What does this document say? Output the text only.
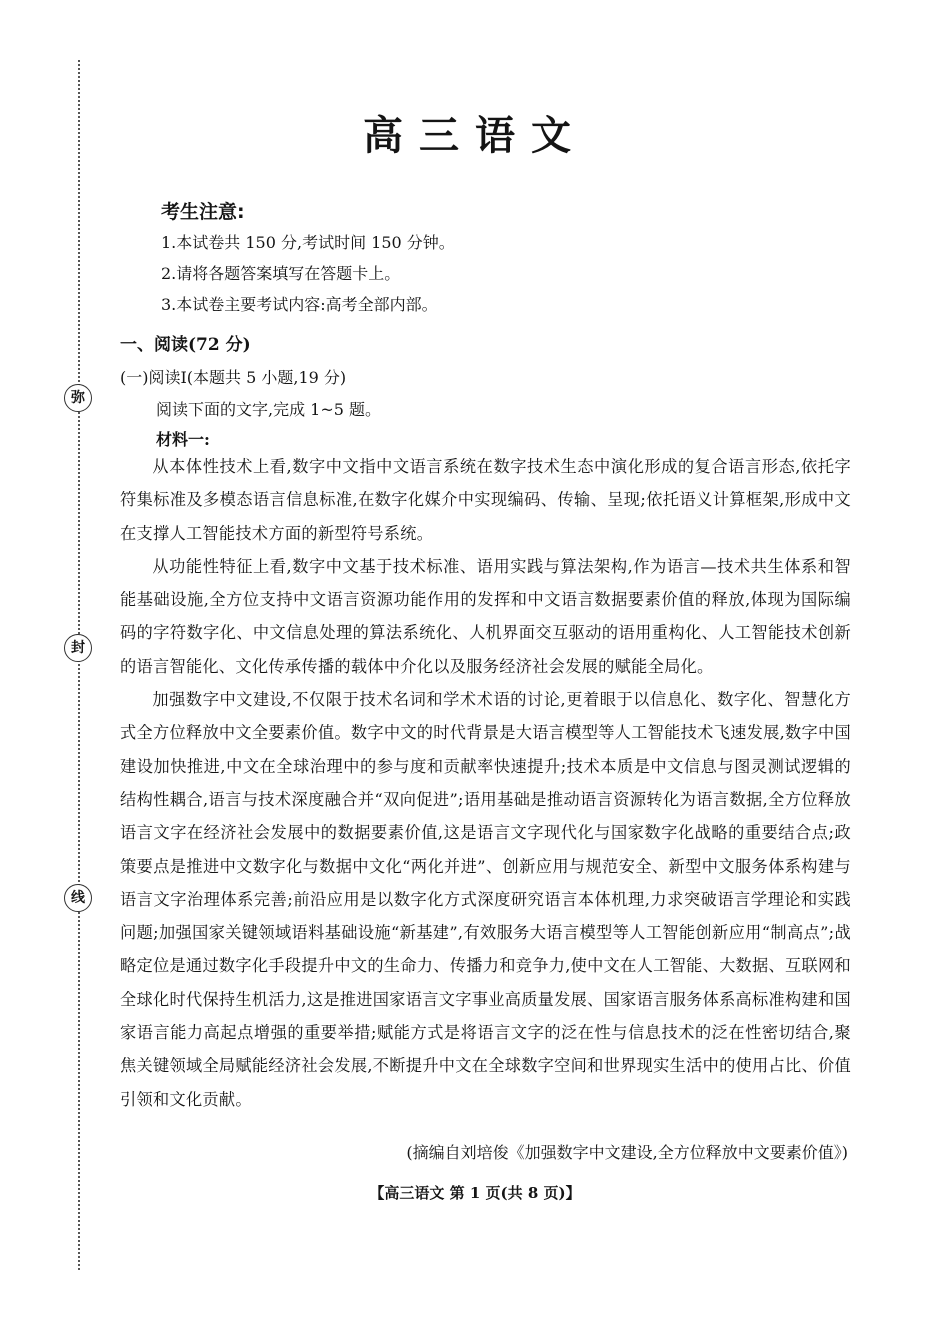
弥
封
线
高三语文
考生注意:
1.本试卷共 150 分,考试时间 150 分钟。
2.请将各题答案填写在答题卡上。
3.本试卷主要考试内容:高考全部内部。
一、阅读(72 分)
(一)阅读Ⅰ(本题共 5 小题,19 分)
阅读下面的文字,完成 1~5 题。
材料一:

从本体性技术上看,数字中文指中文语言系统在数字技术生态中演化形成的复合语言形态,依托字符集标准及多模态语言信息标准,在数字化媒介中实现编码、传输、呈现;依托语义计算框架,形成中文在支撑人工智能技术方面的新型符号系统。

从功能性特征上看,数字中文基于技术标准、语用实践与算法架构,作为语言—技术共生体系和智能基础设施,全方位支持中文语言资源功能作用的发挥和中文语言数据要素价值的释放,体现为国际编码的字符数字化、中文信息处理的算法系统化、人机界面交互驱动的语用重构化、人工智能技术创新的语言智能化、文化传承传播的载体中介化以及服务经济社会发展的赋能全局化。

加强数字中文建设,不仅限于技术名词和学术术语的讨论,更着眼于以信息化、数字化、智慧化方式全方位释放中文全要素价值。数字中文的时代背景是大语言模型等人工智能技术飞速发展,数字中国建设加快推进,中文在全球治理中的参与度和贡献率快速提升;技术本质是中文信息与图灵测试逻辑的结构性耦合,语言与技术深度融合并“双向促进”;语用基础是推动语言资源转化为语言数据,全方位释放语言文字在经济社会发展中的数据要素价值,这是语言文字现代化与国家数字化战略的重要结合点;政策要点是推进中文数字化与数据中文化“两化并进”、创新应用与规范安全、新型中文服务体系构建与语言文字治理体系完善;前沿应用是以数字化方式深度研究语言本体机理,力求突破语言学理论和实践问题;加强国家关键领域语料基础设施“新基建”,有效服务大语言模型等人工智能创新应用“制高点”;战略定位是通过数字化手段提升中文的生命力、传播力和竞争力,使中文在人工智能、大数据、互联网和全球化时代保持生机活力,这是推进国家语言文字事业高质量发展、国家语言服务体系高标准构建和国家语言能力高起点增强的重要举措;赋能方式是将语言文字的泛在性与信息技术的泛在性密切结合,聚焦关键领域全局赋能经济社会发展,不断提升中文在全球数字空间和世界现实生活中的使用占比、价值引领和文化贡献。

(摘编自刘培俊《加强数字中文建设,全方位释放中文要素价值》)
【高三语文 第 1 页(共 8 页)】
